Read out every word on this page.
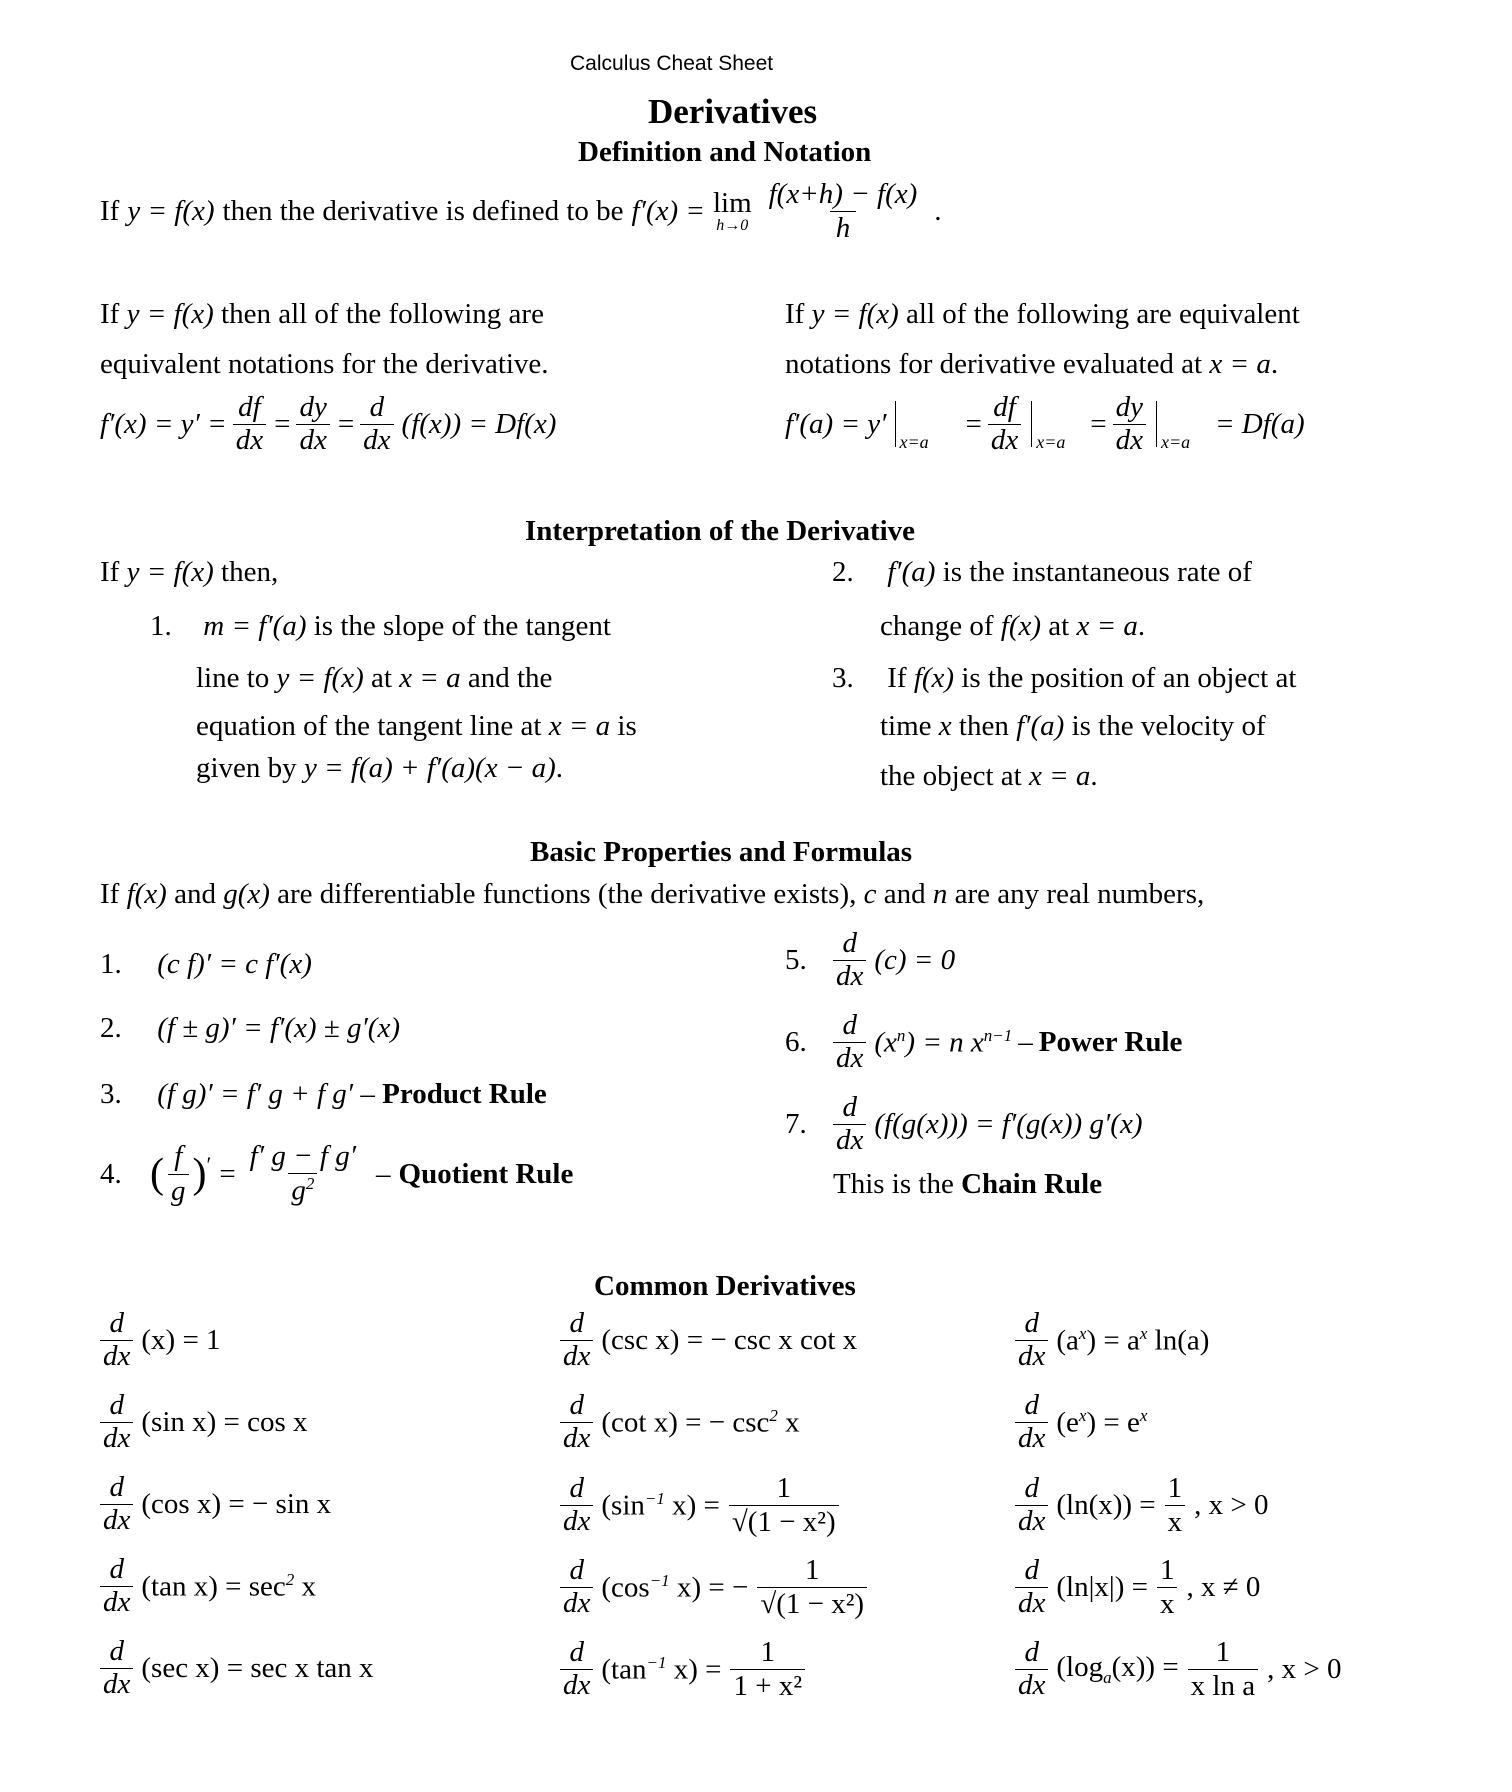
Calculus Cheat Sheet
Derivatives
Definition and Notation
If y = f(x) then the derivative is defined to be f′(x) = lim
$h\to 0 \frac{f(x+h) - f(x)}{h}$ .
If y = f(x) then all of the following are
equivalent notations for the derivative.
$f'(x) = y' = \frac{df}{dx} = \frac{dy}{dx} = \frac{d}{dx} (f(x)) = Df(x)$
If y = f(x) all of the following are equivalent
notations for derivative evaluated at x = a.
f′(a) = y′
x=a
= $\frac{df}{dx} x=a$
= $\frac{dy}{dx} x=a$
= Df(a)
Interpretation of the Derivative
If y = f(x) then,
1. m = f′(a) is the slope of the tangent
line to y = f(x) at x = a and the
equation of the tangent line at x = a is
given by y = f(a) + f′(a)(x − a).
2. f′(a) is the instantaneous rate of
change of f(x) at x = a.
3. If f(x) is the position of an object at
time x then f′(a) is the velocity of
the object at x = a.
Basic Properties and Formulas
If f(x) and g(x) are differentiable functions (the derivative exists), c and n are any real numbers,
1. (c f)′ = c f′(x)
2. (f ± g)′ = f′(x) ± g′(x)
3. (f g)′ = f′ g + f g′ – Product Rule
4. ( $\frac{f}{g} )' = \frac{\text{f′ g − f g′}}{g^2}$ – Quotient Rule
5.
d
dx (c) = 0
6.
d
dx $(x^n) = n$ $x^{n-1}$ – Power Rule
7.
d
dx (f(g(x))) = f′(g(x)) g′(x)
This is the Chain Rule
Common Derivatives
d
dx (x) = 1
d
dx (sin x) = cos x
d
dx (cos x) = − sin x
d
dx (tan $x) = \sec^2 x$
d
dx (sec x) = sec x tan x
d
dx (csc x) = − csc x cot x
d
dx (cot x) = − $\csc^2 x$
d
dx ($\sin^{-1}$ $x) = \frac{1}{\text{√(1 − x²)}}$
d
dx ($\cos^{-1}$ x) = − $\frac{1}{\text{√(1 − x²)}}$
d
dx ($\tan^{-1}$ $x) = \frac{1}{\text{1 + x²}}$
d
dx $(a^x) = a^x$ ln(a)
d
dx $(e^x) = e^x$
d
dx $(\ln(x)) = \frac{1}{x}$ , x > 0
d
dx $(\ln|x|) = \frac{1}{x}$ , x ≠ 0
d
dx
$(\log_a(x)) = \frac{1}{\text{x ln a}}$ , x > 0
